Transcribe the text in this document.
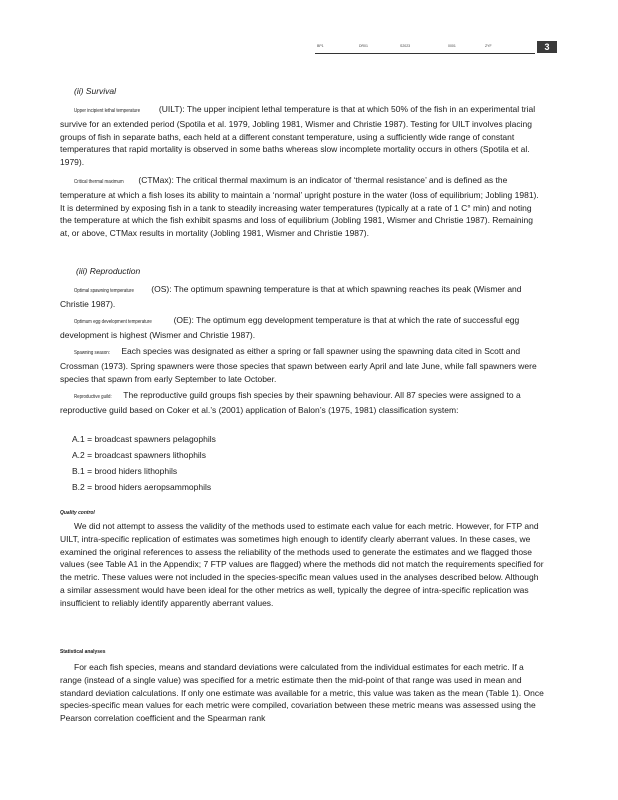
BP1	DR01	S2023	0001	ZYF	3

(ii) Survival

Upper incipient lethal temperature (UILT): The upper incipient lethal temperature is that at which 50% of the fish in an experimental trial survive for an extended period (Spotila et al. 1979, Jobling 1981, Wismer and Christie 1987). Testing for UILT involves placing groups of fish in separate baths, each held at a different constant temperature, using a sufficiently wide range of constant temperatures that rapid mortality is observed in some baths whereas slow incomplete mortality occurs in others (Spotila et al. 1979).

Critical thermal maximum (CTMax): The critical thermal maximum is an indicator of ‘thermal resistance’ and is defined as the temperature at which a fish loses its ability to maintain a ‘normal’ upright posture in the water (loss of equilibrium; Jobling 1981). It is determined by exposing fish in a tank to steadily increasing water temperatures (typically at a rate of 1 C° min) and noting the temperature at which the fish exhibit spasms and loss of equilibrium (Jobling 1981, Wismer and Christie 1987). Remaining at, or above, CTMax results in mortality (Jobling 1981, Wismer and Christie 1987).

(iii) Reproduction

Optimal spawning temperature (OS): The optimum spawning temperature is that at which spawning reaches its peak (Wismer and Christie 1987).

Optimum egg development temperature (OE): The optimum egg development temperature is that at which the rate of successful egg development is highest (Wismer and Christie 1987).

Spawning season: Each species was designated as either a spring or fall spawner using the spawning data cited in Scott and Crossman (1973). Spring spawners were those species that spawn between early April and late June, while fall spawners were species that spawn from early September to late October.

Reproductive guild: The reproductive guild groups fish species by their spawning behaviour. All 87 species were assigned to a reproductive guild based on Coker et al.’s (2001) application of Balon’s (1975, 1981) classification system:

A.1 = broadcast spawners pelagophils
A.2 = broadcast spawners lithophils
B.1 = brood hiders lithophils
B.2 = brood hiders aeropsammophils

Quality control

We did not attempt to assess the validity of the methods used to estimate each value for each metric. However, for FTP and UILT, intra-specific replication of estimates was sometimes high enough to identify clearly aberrant values. In these cases, we examined the original references to assess the reliability of the methods used to generate the estimates and we flagged those values (see Table A1 in the Appendix; 7 FTP values are flagged) where the methods did not match the requirements specified for the metric. These values were not included in the species-specific mean values used in the analyses described below. Although a similar assessment would have been ideal for the other metrics as well, typically the degree of intra-specific replication was insufficient to reliably identify apparently aberrant values.

Statistical analyses

For each fish species, means and standard deviations were calculated from the individual estimates for each metric. If a range (instead of a single value) was specified for a metric estimate then the mid-point of that range was used in mean and standard deviation calculations. If only one estimate was available for a metric, this value was taken as the mean (Table 1). Once species-specific mean values for each metric were compiled, covariation between these metric means was assessed using the Pearson correlation coefficient and the Spearman rank
